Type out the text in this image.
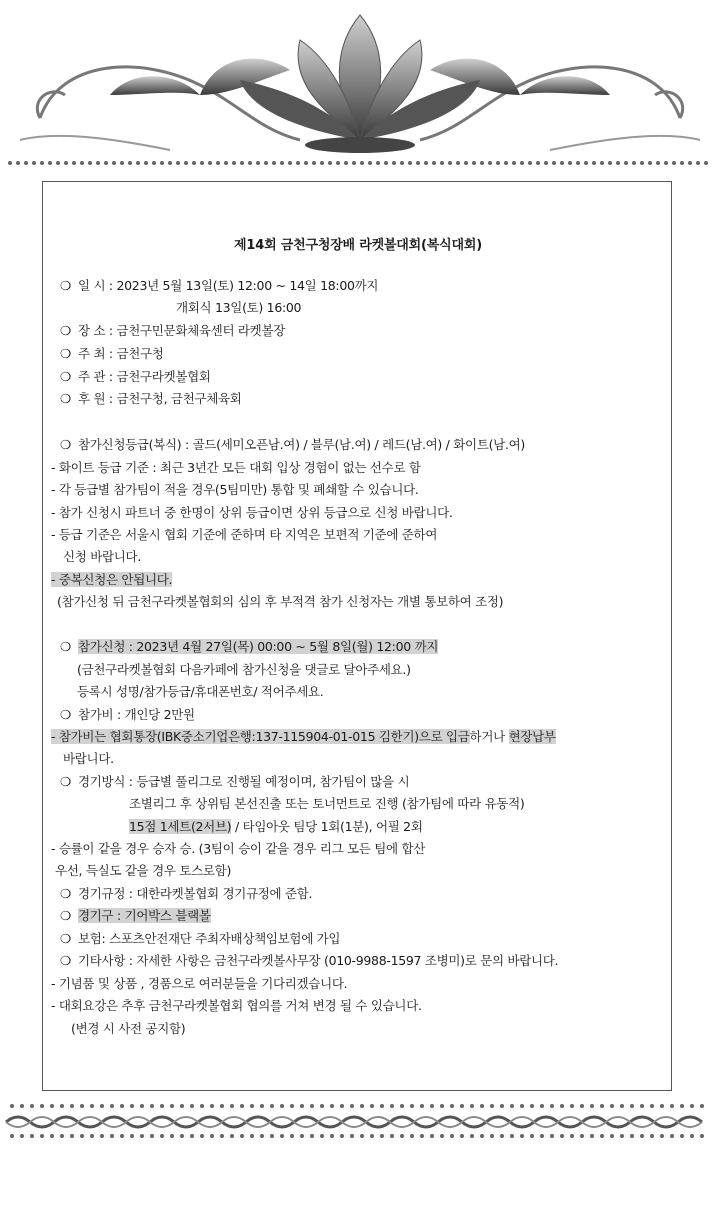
제14회 금천구청장배 라켓볼대회(복식대회)
❍ 일 시 : 2023년 5월 13일(토) 12:00 ~ 14일 18:00까지
개회식 13일(토) 16:00
❍ 장 소 : 금천구민문화체육센터 라켓볼장
❍ 주 최 : 금천구청
❍ 주 관 : 금천구라켓볼협회
❍ 후 원 : 금천구청, 금천구체육회
❍ 참가신청등급(복식) : 골드(세미오픈남.여) / 블루(남.여) / 레드(남.여) / 화이트(남.여)
- 화이트 등급 기준 : 최근 3년간 모든 대회 입상 경험이 없는 선수로 함
- 각 등급별 참가팀이 적을 경우(5팀미만) 통합 및 폐쇄할 수 있습니다.
- 참가 신청시 파트너 중 한명이 상위 등급이면 상위 등급으로 신청 바랍니다.
- 등급 기준은 서울시 협회 기준에 준하며 타 지역은 보편적 기준에 준하여
신청 바랍니다.
- 중복신청은 안됩니다.
(참가신청 뒤 금천구라켓볼협회의 심의 후 부적격 참가 신청자는 개별 통보하여 조정)
❍ 참가신청 : 2023년 4월 27일(목) 00:00 ~ 5월 8일(월) 12:00 까지
(금천구라켓볼협회 다음카페에 참가신청을 댓글로 달아주세요.)
등록시 성명/참가등급/휴대폰번호/ 적어주세요.
❍ 참가비 : 개인당 2만원
- 참가비는 협회통장(IBK중소기업은행:137-115904-01-015 김한기)으로 입금하거나 현장납부
바랍니다.
❍ 경기방식 : 등급별 풀리그로 진행될 예정이며, 참가팀이 많을 시
조별리그 후 상위팀 본선진출 또는 토너먼트로 진행 (참가팀에 따라 유동적)
15점 1세트(2서브) / 타임아웃 팀당 1회(1분), 어필 2회
- 승률이 같을 경우 승자 승. (3팀이 승이 같을 경우 리그 모든 팀에 합산
우선, 득실도 같을 경우 토스로함)
❍ 경기규정 : 대한라켓볼협회 경기규정에 준함.
❍ 경기구 : 기어박스 블랙볼
❍ 보험: 스포츠안전재단 주최자배상책임보험에 가입
❍ 기타사항 : 자세한 사항은 금천구라켓볼사무장 (010-9988-1597 조병미)로 문의 바랍니다.
- 기념품 및 상품 , 경품으로 여러분들을 기다리겠습니다.
- 대회요강은 추후 금천구라켓볼협회 협의를 거쳐 변경 될 수 있습니다.
(변경 시 사전 공지함)
